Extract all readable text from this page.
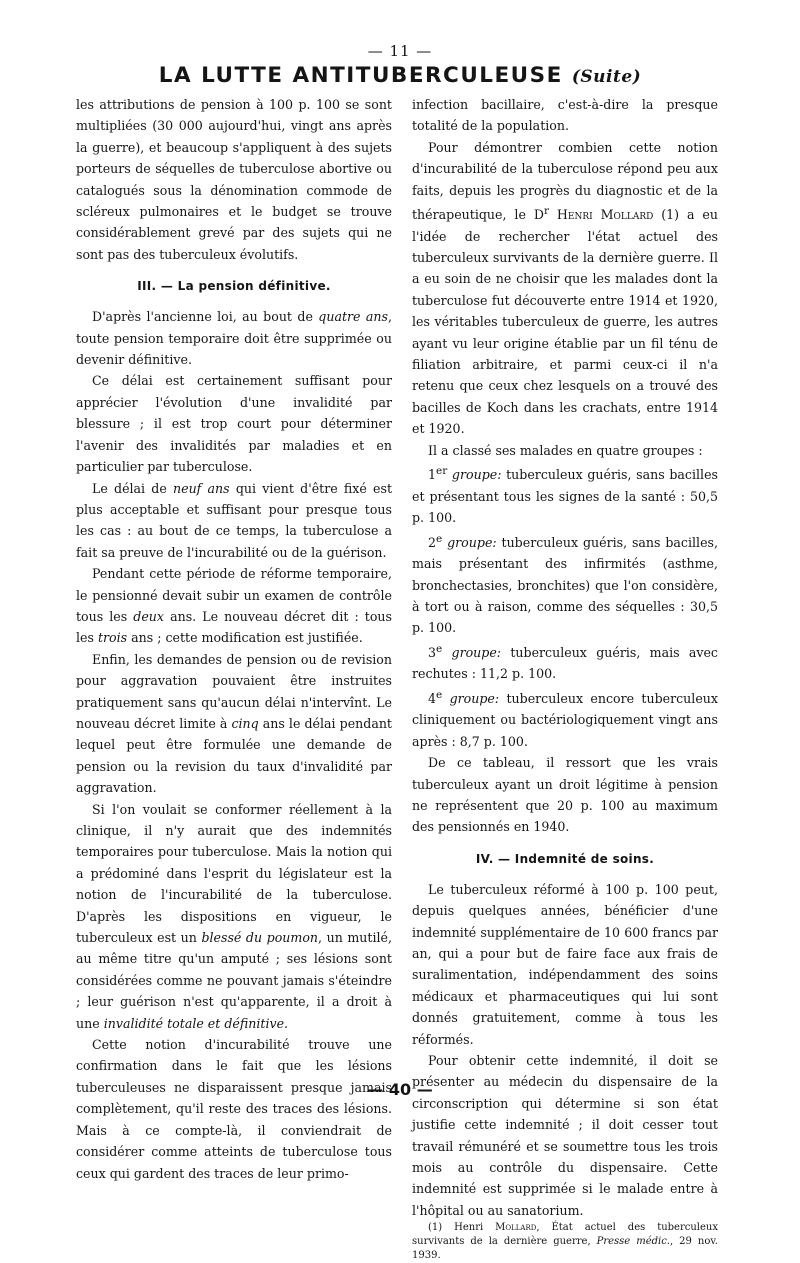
— 11 —
LA LUTTE ANTITUBERCULEUSE (Suite)

les attributions de pension à 100 p. 100 se sont multipliées (30 000 aujourd'hui, vingt ans après la guerre), et beaucoup s'appliquent à des sujets porteurs de séquelles de tuberculose abortive ou catalogués sous la dénomination commode de scléreux pulmonaires et le budget se trouve considérablement grevé par des sujets qui ne sont pas des tuberculeux évolutifs.

III. — La pension définitive.

D'après l'ancienne loi, au bout de quatre ans, toute pension temporaire doit être supprimée ou devenir définitive.

Ce délai est certainement suffisant pour apprécier l'évolution d'une invalidité par blessure ; il est trop court pour déterminer l'avenir des invalidités par maladies et en particulier par tuberculose.

Le délai de neuf ans qui vient d'être fixé est plus acceptable et suffisant pour presque tous les cas : au bout de ce temps, la tuberculose a fait sa preuve de l'incurabilité ou de la guérison.

Pendant cette période de réforme temporaire, le pensionné devait subir un examen de contrôle tous les deux ans. Le nouveau décret dit : tous les trois ans ; cette modification est justifiée.

Enfin, les demandes de pension ou de revision pour aggravation pouvaient être instruites pratiquement sans qu'aucun délai n'intervînt. Le nouveau décret limite à cinq ans le délai pendant lequel peut être formulée une demande de pension ou la revision du taux d'invalidité par aggravation.

Si l'on voulait se conformer réellement à la clinique, il n'y aurait que des indemnités temporaires pour tuberculose. Mais la notion qui a prédominé dans l'esprit du législateur est la notion de l'incurabilité de la tuberculose. D'après les dispositions en vigueur, le tuberculeux est un blessé du poumon, un mutilé, au même titre qu'un amputé ; ses lésions sont considérées comme ne pouvant jamais s'éteindre ; leur guérison n'est qu'apparente, il a droit à une invalidité totale et définitive.

Cette notion d'incurabilité trouve une confirmation dans le fait que les lésions tuberculeuses ne disparaissent presque jamais complètement, qu'il reste des traces des lésions. Mais à ce compte-là, il conviendrait de considérer comme atteints de tuberculose tous ceux qui gardent des traces de leur primo-

infection bacillaire, c'est-à-dire la presque totalité de la population.

Pour démontrer combien cette notion d'incurabilité de la tuberculose répond peu aux faits, depuis les progrès du diagnostic et de la thérapeutique, le $D^r$ Henri Mollard (1) a eu l'idée de rechercher l'état actuel des tuberculeux survivants de la dernière guerre. Il a eu soin de ne choisir que les malades dont la tuberculose fut découverte entre 1914 et 1920, les véritables tuberculeux de guerre, les autres ayant vu leur origine établie par un fil ténu de filiation arbitraire, et parmi ceux-ci il n'a retenu que ceux chez lesquels on a trouvé des bacilles de Koch dans les crachats, entre 1914 et 1920.

Il a classé ses malades en quatre groupes :

1er groupe: tuberculeux guéris, sans bacilles et présentant tous les signes de la santé : 50,5 p. 100.

2e groupe: tuberculeux guéris, sans bacilles, mais présentant des infirmités (asthme, bronchectasies, bronchites) que l'on considère, à tort ou à raison, comme des séquelles : 30,5 p. 100.

3e groupe: tuberculeux guéris, mais avec rechutes : 11,2 p. 100.

4e groupe: tuberculeux encore tuberculeux cliniquement ou bactériologiquement vingt ans après : 8,7 p. 100.

De ce tableau, il ressort que les vrais tuberculeux ayant un droit légitime à pension ne représentent que 20 p. 100 au maximum des pensionnés en 1940.

IV. — Indemnité de soins.

Le tuberculeux réformé à 100 p. 100 peut, depuis quelques années, bénéficier d'une indemnité supplémentaire de 10 600 francs par an, qui a pour but de faire face aux frais de suralimentation, indépendamment des soins médicaux et pharmaceutiques qui lui sont donnés gratuitement, comme à tous les réformés.

Pour obtenir cette indemnité, il doit se présenter au médecin du dispensaire de la circonscription qui détermine si son état justifie cette indemnité ; il doit cesser tout travail rémunéré et se soumettre tous les trois mois au contrôle du dispensaire. Cette indemnité est supprimée si le malade entre à l'hôpital ou au sanatorium.

(1) Henri Mollard, État actuel des tuberculeux survivants de la dernière guerre, Presse médic., 29 nov. 1939.

— 40 —
